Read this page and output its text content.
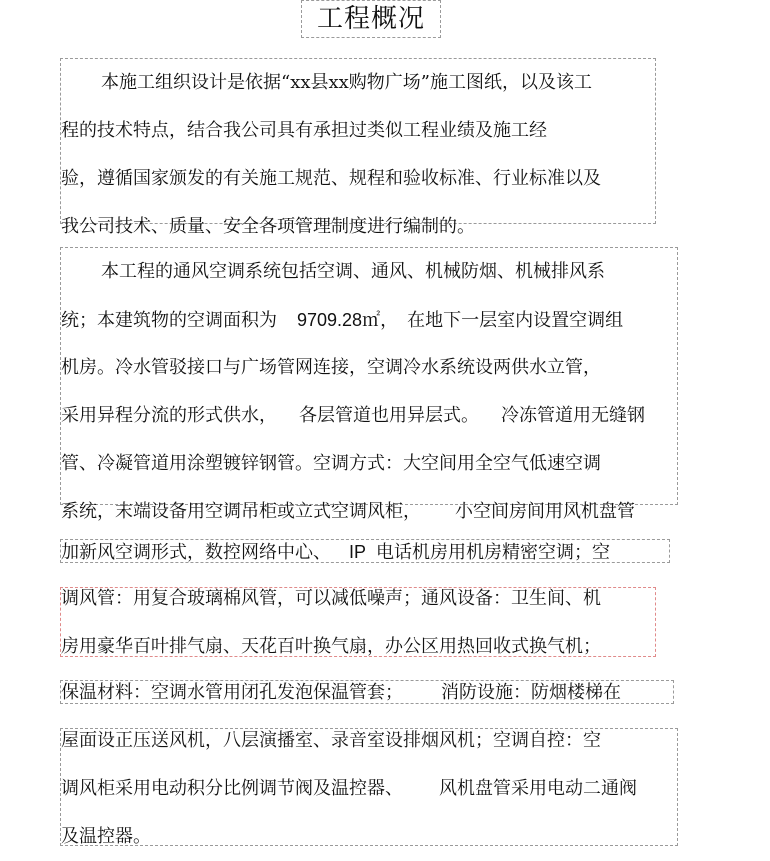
工程概况
本施工组织设计是依据“xx县xx购物广场”施工图纸，以及该工
程的技术特点，结合我公司具有承担过类似工程业绩及施工经
验，遵循国家颁发的有关施工规范、规程和验收标准、行业标准以及
我公司技术、质量、安全各项管理制度进行编制的。
本工程的通风空调系统包括空调、通风、机械防烟、机械排风系
统；本建筑物的空调面积为 9709.28㎡，　在地下一层室内设置空调组
机房。冷水管驳接口与广场管网连接，空调冷水系统设两供水立管，
采用异程分流的形式供水， 各层管道也用异层式。 冷冻管道用无缝钢
管、冷凝管道用涂塑镀锌钢管。空调方式：大空间用全空气低速空调
系统，末端设备用空调吊柜或立式空调风柜， 小空间房间用风机盘管
加新风空调形式，数控网络中心、 IP 电话机房用机房精密空调；空
调风管：用复合玻璃棉风管，可以减低噪声；通风设备：卫生间、机
房用豪华百叶排气扇、天花百叶换气扇，办公区用热回收式换气机；
保温材料：空调水管用闭孔发泡保温管套； 消防设施：防烟楼梯在
屋面设正压送风机，八层演播室、录音室设排烟风机；空调自控：空
调风柜采用电动积分比例调节阀及温控器、 风机盘管采用电动二通阀
及温控器。
